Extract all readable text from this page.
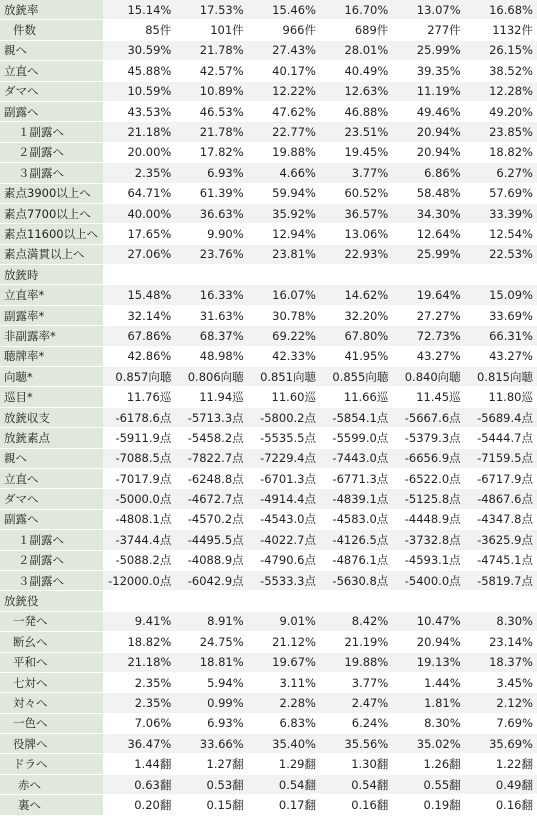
放銃率	15.14%	17.53%	15.46%	16.70%	13.07%	16.68%
件数	85件	101件	966件	689件	277件	1132件
親へ	30.59%	21.78%	27.43%	28.01%	25.99%	26.15%
立直へ	45.88%	42.57%	40.17%	40.49%	39.35%	38.52%
ダマへ	10.59%	10.89%	12.22%	12.63%	11.19%	12.28%
副露へ	43.53%	46.53%	47.62%	46.88%	49.46%	49.20%
１副露へ	21.18%	21.78%	22.77%	23.51%	20.94%	23.85%
２副露へ	20.00%	17.82%	19.88%	19.45%	20.94%	18.82%
３副露へ	2.35%	6.93%	4.66%	3.77%	6.86%	6.27%
素点3900以上へ	64.71%	61.39%	59.94%	60.52%	58.48%	57.69%
素点7700以上へ	40.00%	36.63%	35.92%	36.57%	34.30%	33.39%
素点11600以上へ	17.65%	9.90%	12.94%	13.06%	12.64%	12.54%
素点満貫以上へ	27.06%	23.76%	23.81%	22.93%	25.99%	22.53%
放銃時
立直率*	15.48%	16.33%	16.07%	14.62%	19.64%	15.09%
副露率*	32.14%	31.63%	30.78%	32.20%	27.27%	33.69%
非副露率*	67.86%	68.37%	69.22%	67.80%	72.73%	66.31%
聴牌率*	42.86%	48.98%	42.33%	41.95%	43.27%	43.27%
向聴*	0.857向聴	0.806向聴	0.851向聴	0.855向聴	0.840向聴	0.815向聴
巡目*	11.76巡	11.94巡	11.60巡	11.66巡	11.45巡	11.80巡
放銃収支	-6178.6点	-5713.3点	-5800.2点	-5854.1点	-5667.6点	-5689.4点
放銃素点	-5911.9点	-5458.2点	-5535.5点	-5599.0点	-5379.3点	-5444.7点
親へ	-7088.5点	-7822.7点	-7229.4点	-7443.0点	-6656.9点	-7159.5点
立直へ	-7017.9点	-6248.8点	-6701.3点	-6771.3点	-6522.0点	-6717.9点
ダマへ	-5000.0点	-4672.7点	-4914.4点	-4839.1点	-5125.8点	-4867.6点
副露へ	-4808.1点	-4570.2点	-4543.0点	-4583.0点	-4448.9点	-4347.8点
１副露へ	-3744.4点	-4495.5点	-4022.7点	-4126.5点	-3732.8点	-3625.9点
２副露へ	-5088.2点	-4088.9点	-4790.6点	-4876.1点	-4593.1点	-4745.1点
３副露へ	-12000.0点	-6042.9点	-5533.3点	-5630.8点	-5400.0点	-5819.7点
放銃役
一発へ	9.41%	8.91%	9.01%	8.42%	10.47%	8.30%
断幺へ	18.82%	24.75%	21.12%	21.19%	20.94%	23.14%
平和へ	21.18%	18.81%	19.67%	19.88%	19.13%	18.37%
七対へ	2.35%	5.94%	3.11%	3.77%	1.44%	3.45%
対々へ	2.35%	0.99%	2.28%	2.47%	1.81%	2.12%
一色へ	7.06%	6.93%	6.83%	6.24%	8.30%	7.69%
役牌へ	36.47%	33.66%	35.40%	35.56%	35.02%	35.69%
ドラへ	1.44翻	1.27翻	1.29翻	1.30翻	1.26翻	1.22翻
赤へ	0.63翻	0.53翻	0.54翻	0.54翻	0.55翻	0.49翻
裏へ	0.20翻	0.15翻	0.17翻	0.16翻	0.19翻	0.16翻
